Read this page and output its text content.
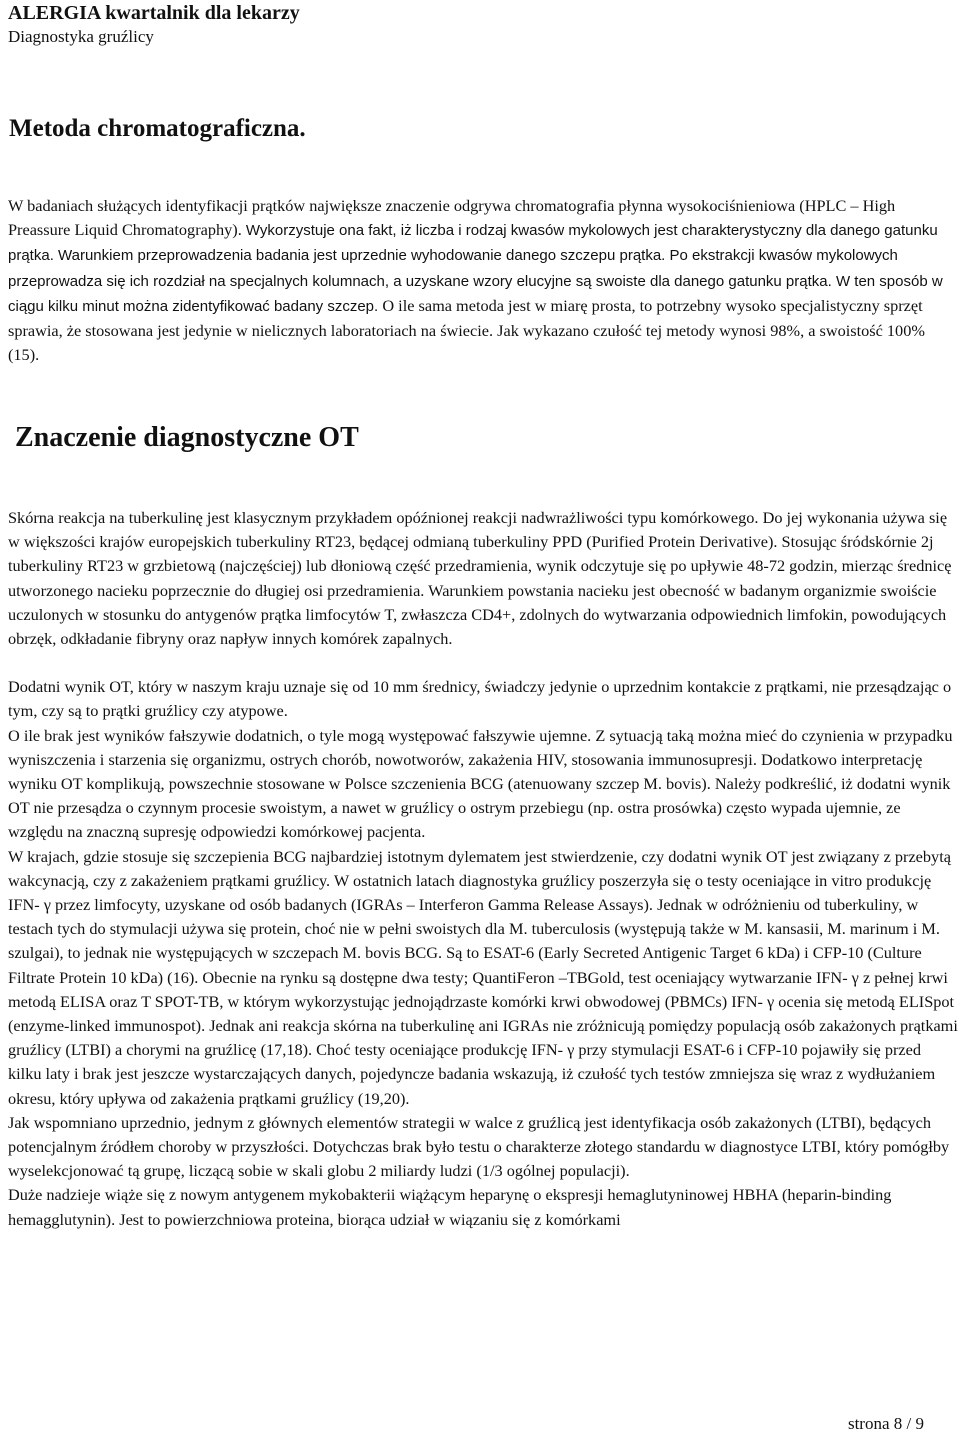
ALERGIA kwartalnik dla lekarzy
Diagnostyka gruźlicy
Metoda chromatograficzna.

W badaniach służących identyfikacji prątków największe znaczenie odgrywa chromatografia płynna wysokociśnieniowa (HPLC – High Preassure Liquid Chromatography). Wykorzystuje ona fakt, iż liczba i rodzaj kwasów mykolowych jest charakterystyczny dla danego gatunku prątka. Warunkiem przeprowadzenia badania jest uprzednie wyhodowanie danego szczepu prątka. Po ekstrakcji kwasów mykolowych przeprowadza się ich rozdział na specjalnych kolumnach, a uzyskane wzory elucyjne są swoiste dla danego gatunku prątka. W ten sposób w ciągu kilku minut można zidentyfikować badany szczep. O ile sama metoda jest w miarę prosta, to potrzebny wysoko specjalistyczny sprzęt sprawia, że stosowana jest jedynie w nielicznych laboratoriach na świecie. Jak wykazano czułość tej metody wynosi 98%, a swoistość 100% (15).

Znaczenie diagnostyczne OT
Skórna reakcja na tuberkulinę jest klasycznym przykładem opóźnionej reakcji nadwrażliwości typu komórkowego. Do jej wykonania używa się w większości krajów europejskich tuberkuliny RT23, będącej odmianą tuberkuliny PPD (Purified Protein Derivative). Stosując śródskórnie 2j tuberkuliny RT23 w grzbietową (najczęściej) lub dłoniową część przedramienia, wynik odczytuje się po upływie 48-72 godzin, mierząc średnicę utworzonego nacieku poprzecznie do długiej osi przedramienia. Warunkiem powstania nacieku jest obecność w badanym organizmie swoiście uczulonych w stosunku do antygenów prątka limfocytów T, zwłaszcza CD4+, zdolnych do wytwarzania odpowiednich limfokin, powodujących obrzęk, odkładanie fibryny oraz napływ innych komórek zapalnych.
Dodatni wynik OT, który w naszym kraju uznaje się od 10 mm średnicy, świadczy jedynie o uprzednim kontakcie z prątkami, nie przesądzając o tym, czy są to prątki gruźlicy czy atypowe.
O ile brak jest wyników fałszywie dodatnich, o tyle mogą występować fałszywie ujemne. Z sytuacją taką można mieć do czynienia w przypadku wyniszczenia i starzenia się organizmu, ostrych chorób, nowotworów, zakażenia HIV, stosowania immunosupresji. Dodatkowo interpretację wyniku OT komplikują, powszechnie stosowane w Polsce szczenienia BCG (atenuowany szczep M. bovis). Należy podkreślić, iż dodatni wynik OT nie przesądza o czynnym procesie swoistym, a nawet w gruźlicy o ostrym przebiegu (np. ostra prosówka) często wypada ujemnie, ze względu na znaczną supresję odpowiedzi komórkowej pacjenta.
W krajach, gdzie stosuje się szczepienia BCG najbardziej istotnym dylematem jest stwierdzenie, czy dodatni wynik OT jest związany z przebytą wakcynacją, czy z zakażeniem prątkami gruźlicy. W ostatnich latach diagnostyka gruźlicy poszerzyła się o testy oceniające in vitro produkcję IFN- γ przez limfocyty, uzyskane od osób badanych (IGRAs – Interferon Gamma Release Assays). Jednak w odróżnieniu od tuberkuliny, w testach tych do stymulacji używa się protein, choć nie w pełni swoistych dla M. tuberculosis (występują także w M. kansasii, M. marinum i M. szulgai), to jednak nie występujących w szczepach M. bovis BCG. Są to ESAT-6 (Early Secreted Antigenic Target 6 kDa) i CFP-10 (Culture Filtrate Protein 10 kDa) (16). Obecnie na rynku są dostępne dwa testy; QuantiFeron –TBGold, test oceniający wytwarzanie IFN- γ z pełnej krwi metodą ELISA oraz T SPOT-TB, w którym wykorzystując jednojądrzaste komórki krwi obwodowej (PBMCs) IFN- γ ocenia się metodą ELISpot (enzyme-linked immunospot). Jednak ani reakcja skórna na tuberkulinę ani IGRAs nie zróżnicują pomiędzy populacją osób zakażonych prątkami gruźlicy (LTBI) a chorymi na gruźlicę (17,18). Choć testy oceniające produkcję IFN- γ przy stymulacji ESAT-6 i CFP-10 pojawiły się przed kilku laty i brak jest jeszcze wystarczających danych, pojedyncze badania wskazują, iż czułość tych testów zmniejsza się wraz z wydłużaniem okresu, który upływa od zakażenia prątkami gruźlicy (19,20).
Jak wspomniano uprzednio, jednym z głównych elementów strategii w walce z gruźlicą jest identyfikacja osób zakażonych (LTBI), będących potencjalnym źródłem choroby w przyszłości. Dotychczas brak było testu o charakterze złotego standardu w diagnostyce LTBI, który pomógłby wyselekcjonować tą grupę, liczącą sobie w skali globu 2 miliardy ludzi (1/3 ogólnej populacji).
Duże nadzieje wiąże się z nowym antygenem mykobakterii wiążącym heparynę o ekspresji hemaglutyninowej HBHA (heparin-binding hemagglutynin). Jest to powierzchniowa proteina, biorąca udział w wiązaniu się z komórkami
strona 8 / 9
